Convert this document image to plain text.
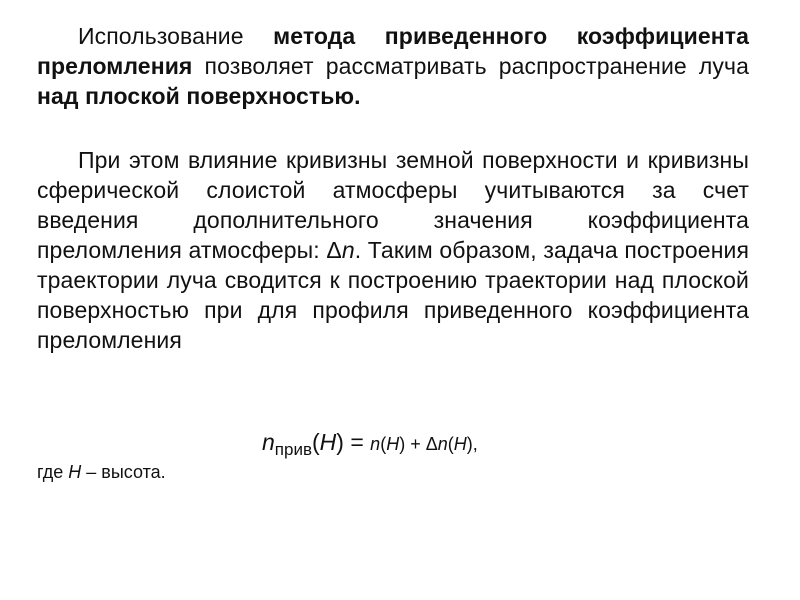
Использование метода приведенного коэффициента преломления позволяет рассматривать распространение луча над плоской поверхностью.

При этом влияние кривизны земной поверхности и кривизны сферической слоистой атмосферы учитываются за счет введения дополнительного значения коэффициента преломления атмосферы: Δn. Таким образом, задача построения траектории луча сводится к построению траектории над плоской поверхностью при для профиля приведенного коэффициента преломления

$n_{прив}(H) = n(H) + \Delta n(H)$,
где H – высота.
